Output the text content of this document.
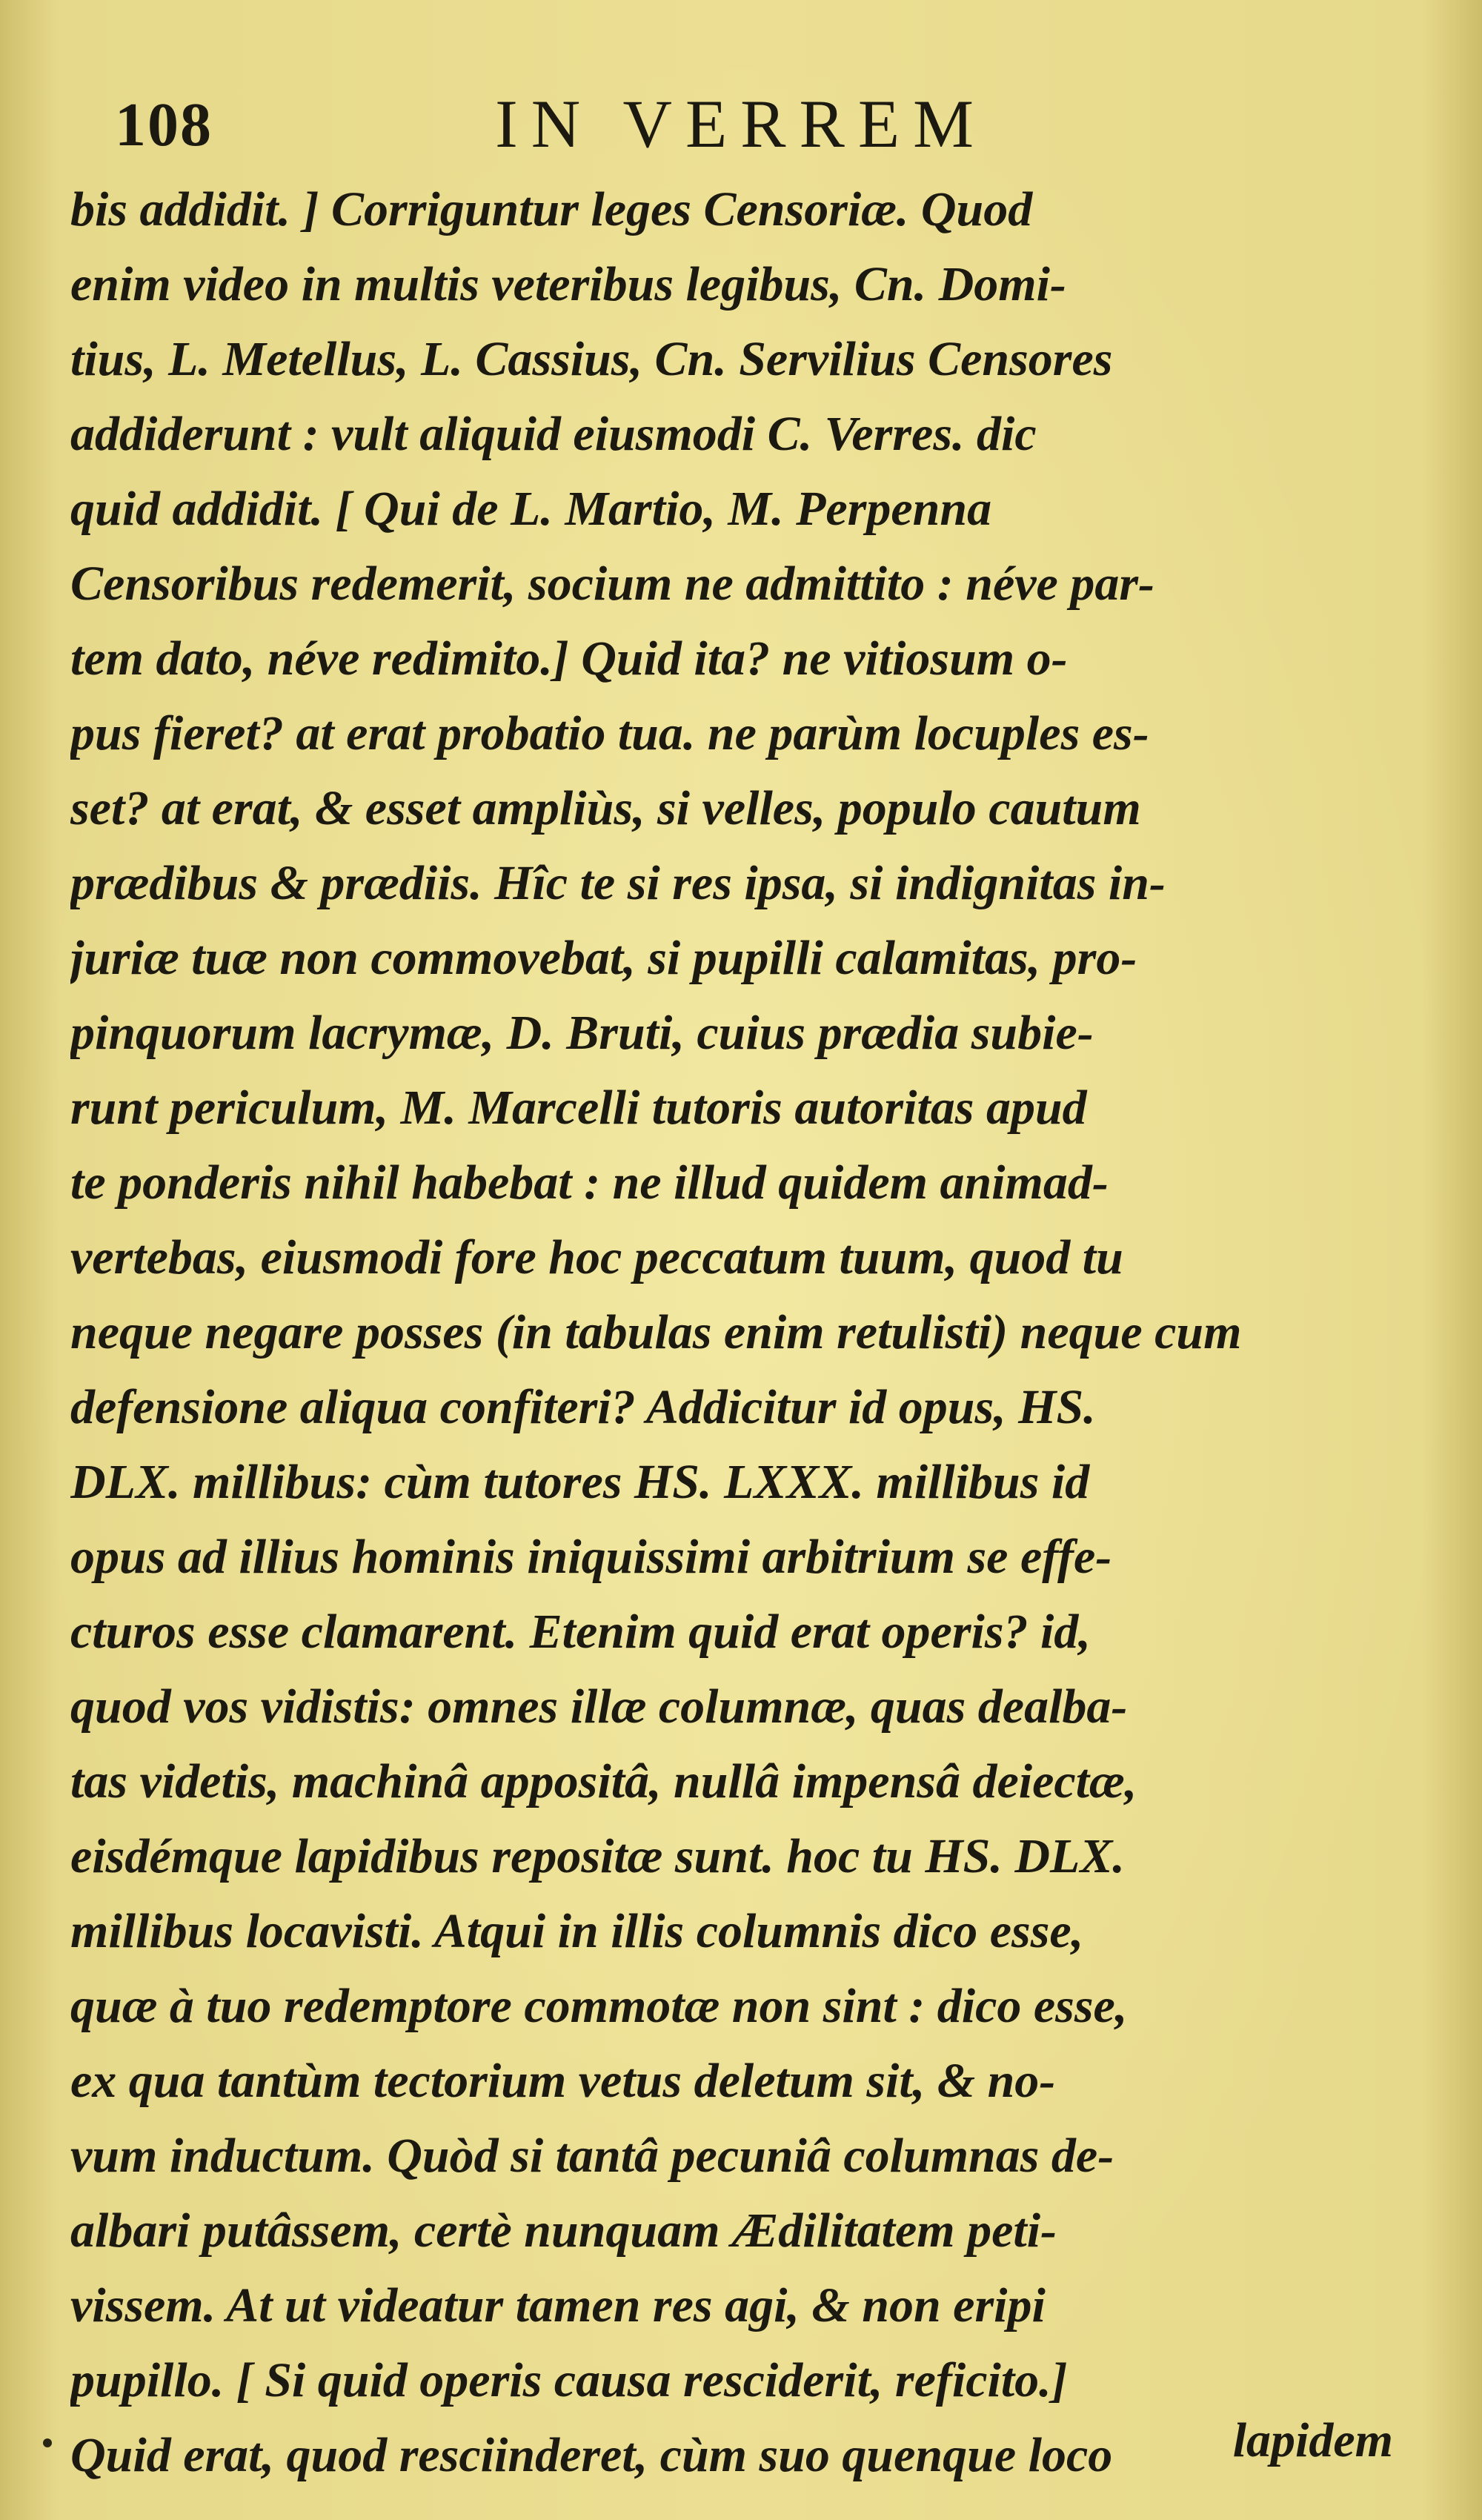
108	IN VERREM
bis addidit. ] Corriguntur leges Censoriæ. Quod
enim video in multis veteribus legibus, Cn. Domi-
tius, L. Metellus, L. Cassius, Cn. Servilius Censores
addiderunt : vult aliquid eiusmodi C. Verres. dic
quid addidit. [ Qui de L. Martio, M. Perpenna
Censoribus redemerit, socium ne admittito : néve par-
tem dato, néve redimito.] Quid ita? ne vitiosum o-
pus fieret? at erat probatio tua. ne parùm locuples es-
set? at erat, & esset ampliùs, si velles, populo cautum
prædibus & prædiis. Hîc te si res ipsa, si indignitas in-
juriæ tuæ non commovebat, si pupilli calamitas, pro-
pinquorum lacrymæ, D. Bruti, cuius prædia subie-
runt periculum, M. Marcelli tutoris autoritas apud
te ponderis nihil habebat : ne illud quidem animad-
vertebas, eiusmodi fore hoc peccatum tuum, quod tu
neque negare posses (in tabulas enim retulisti) neque cum
defensione aliqua confiteri? Addicitur id opus, HS.
DLX. millibus: cùm tutores HS. LXXX. millibus id
opus ad illius hominis iniquissimi arbitrium se effe-
cturos esse clamarent. Etenim quid erat operis? id,
quod vos vidistis: omnes illæ columnæ, quas dealba-
tas videtis, machinâ appositâ, nullâ impensâ deiectæ,
eisdémque lapidibus repositæ sunt. hoc tu HS. DLX.
millibus locavisti. Atqui in illis columnis dico esse,
quæ à tuo redemptore commotæ non sint : dico esse,
ex qua tantùm tectorium vetus deletum sit, & no-
vum inductum. Quòd si tantâ pecuniâ columnas de-
albari putâssem, certè nunquam Ædilitatem peti-
vissem. At ut videatur tamen res agi, & non eripi
pupillo. [ Si quid operis causa resciderit, reficito.]
Quid erat, quod resciinderet, cùm suo quenque loco	lapidem
